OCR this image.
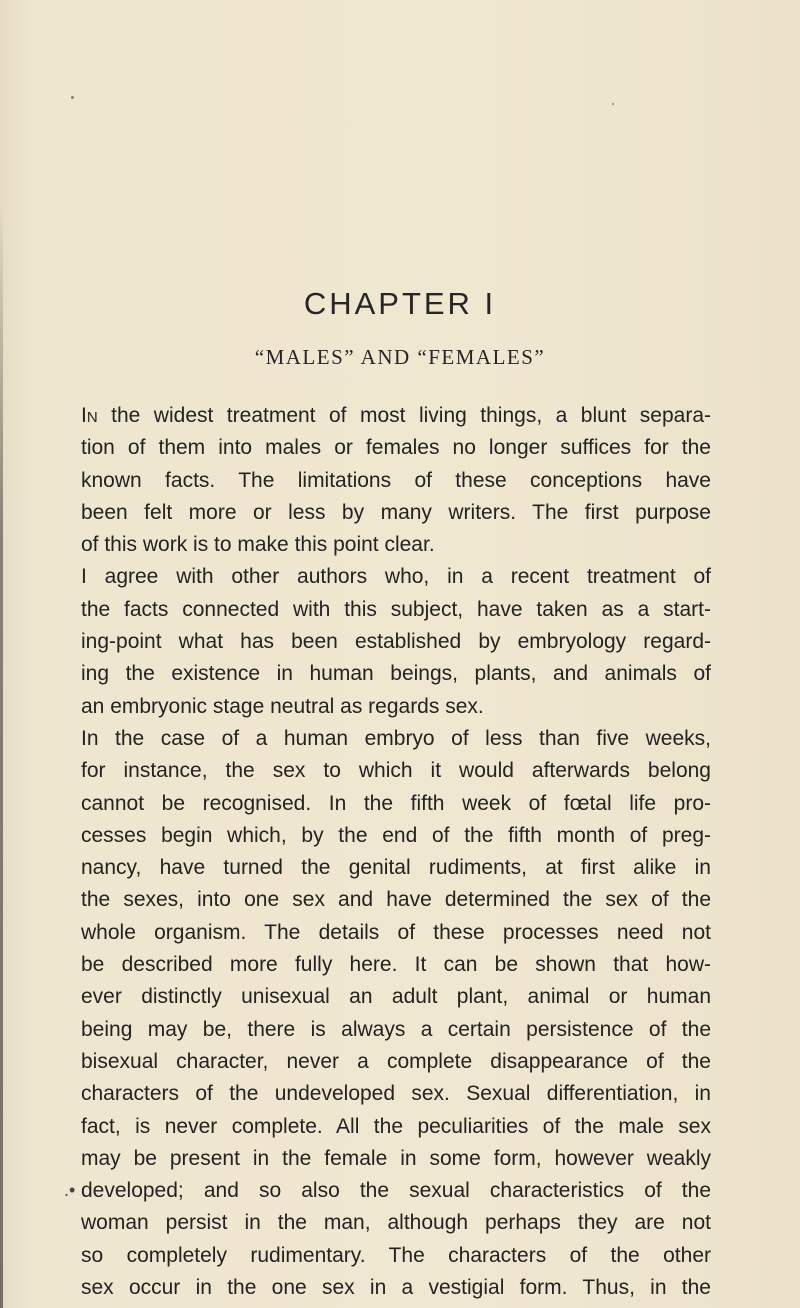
CHAPTER I
“MALES” AND “FEMALES”
.•
In the widest treatment of most living things, a blunt separa-
tion of them into males or females no longer suffices for the
known facts. The limitations of these conceptions have
been felt more or less by many writers. The first purpose
of this work is to make this point clear.
I agree with other authors who, in a recent treatment of
the facts connected with this subject, have taken as a start-
ing-point what has been established by embryology regard-
ing the existence in human beings, plants, and animals of
an embryonic stage neutral as regards sex.
In the case of a human embryo of less than five weeks,
for instance, the sex to which it would afterwards belong
cannot be recognised. In the fifth week of fœtal life pro-
cesses begin which, by the end of the fifth month of preg-
nancy, have turned the genital rudiments, at first alike in
the sexes, into one sex and have determined the sex of the
whole organism. The details of these processes need not
be described more fully here. It can be shown that how-
ever distinctly unisexual an adult plant, animal or human
being may be, there is always a certain persistence of the
bisexual character, never a complete disappearance of the
characters of the undeveloped sex. Sexual differentiation, in
fact, is never complete. All the peculiarities of the male sex
may be present in the female in some form, however weakly
developed; and so also the sexual characteristics of the
woman persist in the man, although perhaps they are not
so completely rudimentary. The characters of the other
sex occur in the one sex in a vestigial form. Thus, in the
